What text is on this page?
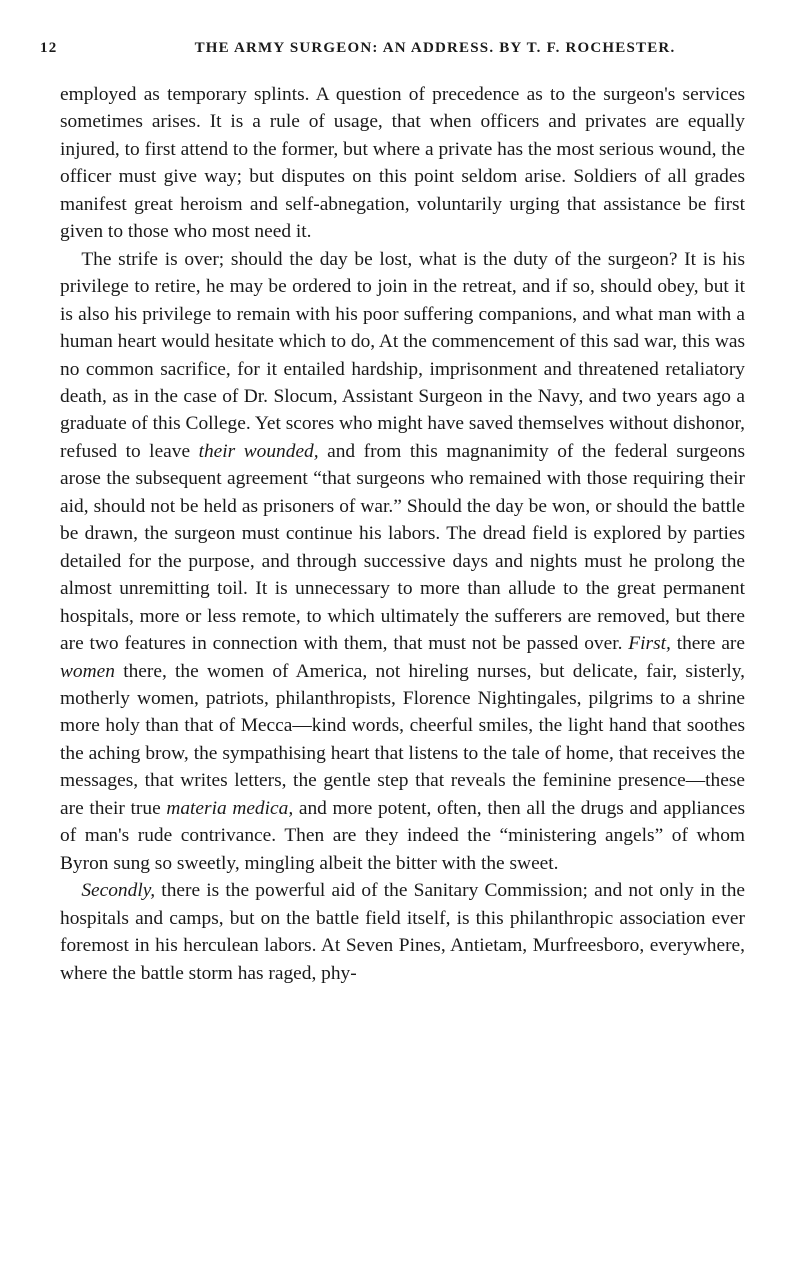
12	THE ARMY SURGEON: AN ADDRESS. BY T. F. ROCHESTER.

employed as temporary splints. A question of precedence as to the surgeon's services sometimes arises. It is a rule of usage, that when officers and privates are equally injured, to first attend to the former, but where a private has the most serious wound, the officer must give way; but disputes on this point seldom arise. Soldiers of all grades manifest great heroism and self-abnegation, voluntarily urging that assistance be first given to those who most need it.

The strife is over; should the day be lost, what is the duty of the surgeon? It is his privilege to retire, he may be ordered to join in the retreat, and if so, should obey, but it is also his privilege to remain with his poor suffering companions, and what man with a human heart would hesitate which to do, At the commencement of this sad war, this was no common sacrifice, for it entailed hardship, imprisonment and threatened retaliatory death, as in the case of Dr. Slocum, Assistant Surgeon in the Navy, and two years ago a graduate of this College. Yet scores who might have saved themselves without dishonor, refused to leave their wounded, and from this magnanimity of the federal surgeons arose the subsequent agreement “that surgeons who remained with those requiring their aid, should not be held as prisoners of war.” Should the day be won, or should the battle be drawn, the surgeon must continue his labors. The dread field is explored by parties detailed for the purpose, and through successive days and nights must he prolong the almost unremitting toil. It is unnecessary to more than allude to the great permanent hospitals, more or less remote, to which ultimately the sufferers are removed, but there are two features in connection with them, that must not be passed over. First, there are women there, the women of America, not hireling nurses, but delicate, fair, sisterly, motherly women, patriots, philanthropists, Florence Nightingales, pilgrims to a shrine more holy than that of Mecca—kind words, cheerful smiles, the light hand that soothes the aching brow, the sympathising heart that listens to the tale of home, that receives the messages, that writes letters, the gentle step that reveals the feminine presence—these are their true materia medica, and more potent, often, then all the drugs and appliances of man's rude contrivance. Then are they indeed the “ministering angels” of whom Byron sung so sweetly, mingling albeit the bitter with the sweet.

Secondly, there is the powerful aid of the Sanitary Commission; and not only in the hospitals and camps, but on the battle field itself, is this philanthropic association ever foremost in his herculean labors. At Seven Pines, Antietam, Murfreesboro, everywhere, where the battle storm has raged, phy-
